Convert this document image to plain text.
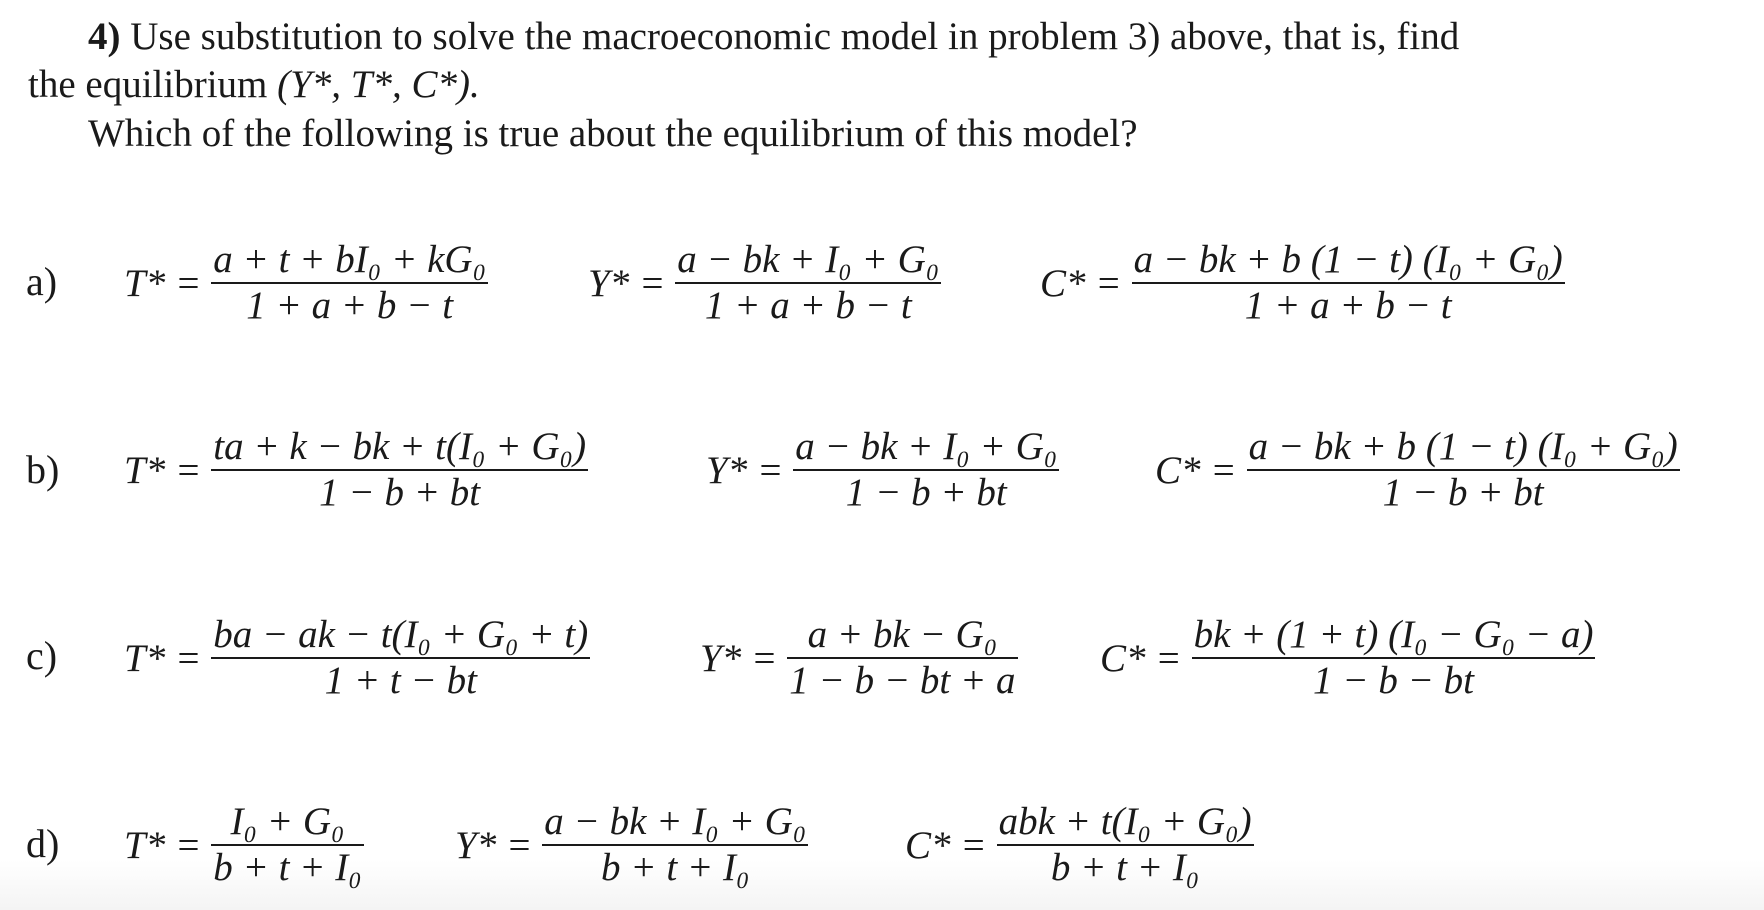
4) Use substitution to solve the macroeconomic model in problem 3) above, that is, find
the equilibrium (Y*, T*, C*).
Which of the following is true about the equilibrium of this model?
a) $T* = \frac{\text{a + t + bI₀ + kG₀}}{1 + a + b - t}$	$Y* = \frac{\text{a − bk + I₀ + G₀}}{1 + a + b - t}$	$C* = \frac{\text{a − bk + b (1 − t) (I₀ + G₀)}}{1 + a + b - t}$
b) $T* = \frac{\text{ta + k − bk + t(I₀ + G₀)}}{1 - b + bt}$	$Y* = \frac{\text{a − bk + I₀ + G₀}}{1 - b + bt} C* = \frac{\text{a − bk + b (1 − t) (I₀ + G₀)}}{1 - b + bt}$
c) $T* = \frac{\text{ba − ak − t(I₀ + G₀ + t)}}{1 + t - bt}$	$Y* = \frac{\text{a + bk − G₀}}{1 - b - bt + a} C* = \frac{\text{bk + (1 + t) (I₀ − G₀ − a)}}{1 - b - bt}$
d) $T* = \frac{\text{I₀ + G₀}}{\text{b + t + I₀}} Y* = \frac{\text{a − bk + I₀ + G₀}}{\text{b + t + I₀}} C* = \frac{\text{abk + t(I₀ + G₀)}}{\text{b + t + I₀}}$
